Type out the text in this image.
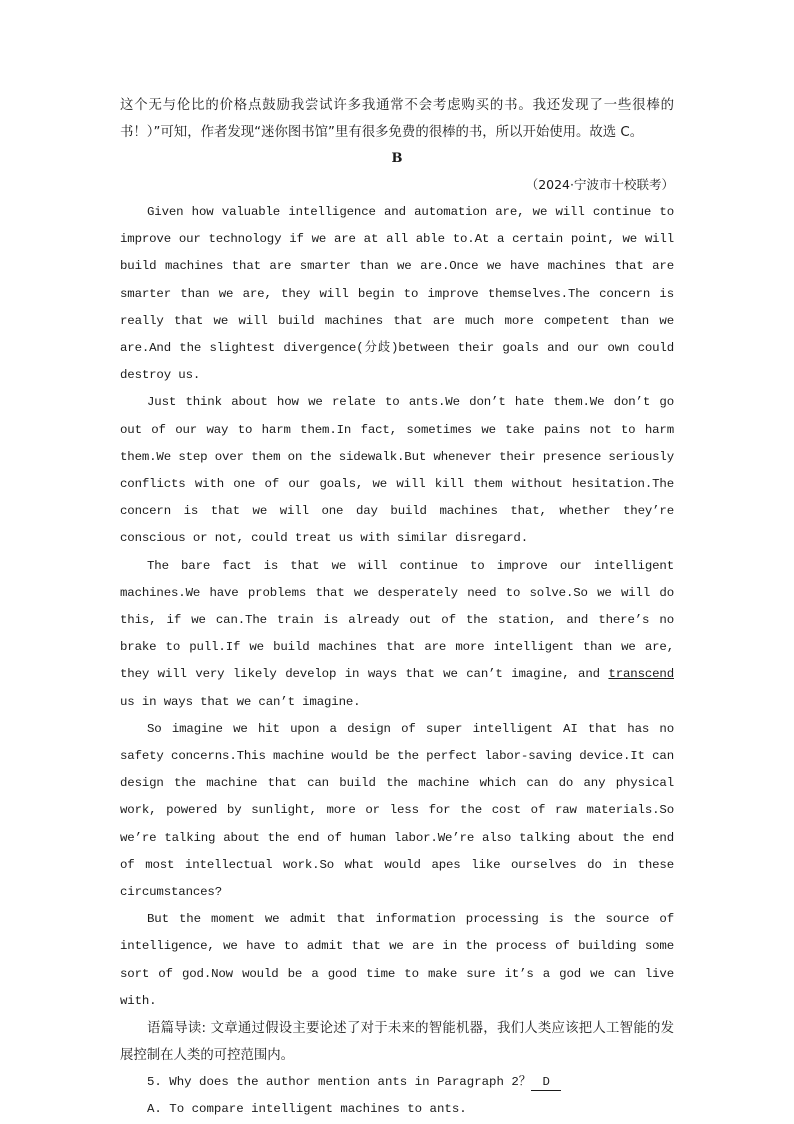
这个无与伦比的价格点鼓励我尝试许多我通常不会考虑购买的书。我还发现了一些很棒的书！）”可知，作者发现“迷你图书馆”里有很多免费的很棒的书，所以开始使用。故选 C。

B

（2024·宁波市十校联考）

Given how valuable intelligence and automation are, we will continue to improve our technology if we are at all able to.At a certain point, we will build machines that are smarter than we are.Once we have machines that are smarter than we are, they will begin to improve themselves.The concern is really that we will build machines that are much more competent than we are.And the slightest divergence(分歧)between their goals and our own could destroy us.

Just think about how we relate to ants.We don’t hate them.We don’t go out of our way to harm them.In fact, sometimes we take pains not to harm them.We step over them on the sidewalk.But whenever their presence seriously conflicts with one of our goals, we will kill them without hesitation.The concern is that we will one day build machines that, whether they’re conscious or not, could treat us with similar disregard.

The bare fact is that we will continue to improve our intelligent machines.We have problems that we desperately need to solve.So we will do this, if we can.The train is already out of the station, and there’s no brake to pull.If we build machines that are more intelligent than we are, they will very likely develop in ways that we can’t imagine, and transcend us in ways that we can’t imagine.

So imagine we hit upon a design of super intelligent AI that has no safety concerns.This machine would be the perfect labor-saving device.It can design the machine that can build the machine which can do any physical work, powered by sunlight, more or less for the cost of raw materials.So we’re talking about the end of human labor.We’re also talking about the end of most intellectual work.So what would apes like ourselves do in these circumstances?

But the moment we admit that information processing is the source of intelligence, we have to admit that we are in the process of building some sort of god.Now would be a good time to make sure it’s a god we can live with.

语篇导读: 文章通过假设主要论述了对于未来的智能机器，我们人类应该把人工智能的发展控制在人类的可控范围内。

5. Why does the author mention ants in Paragraph 2？ D

A. To compare intelligent machines to ants.
